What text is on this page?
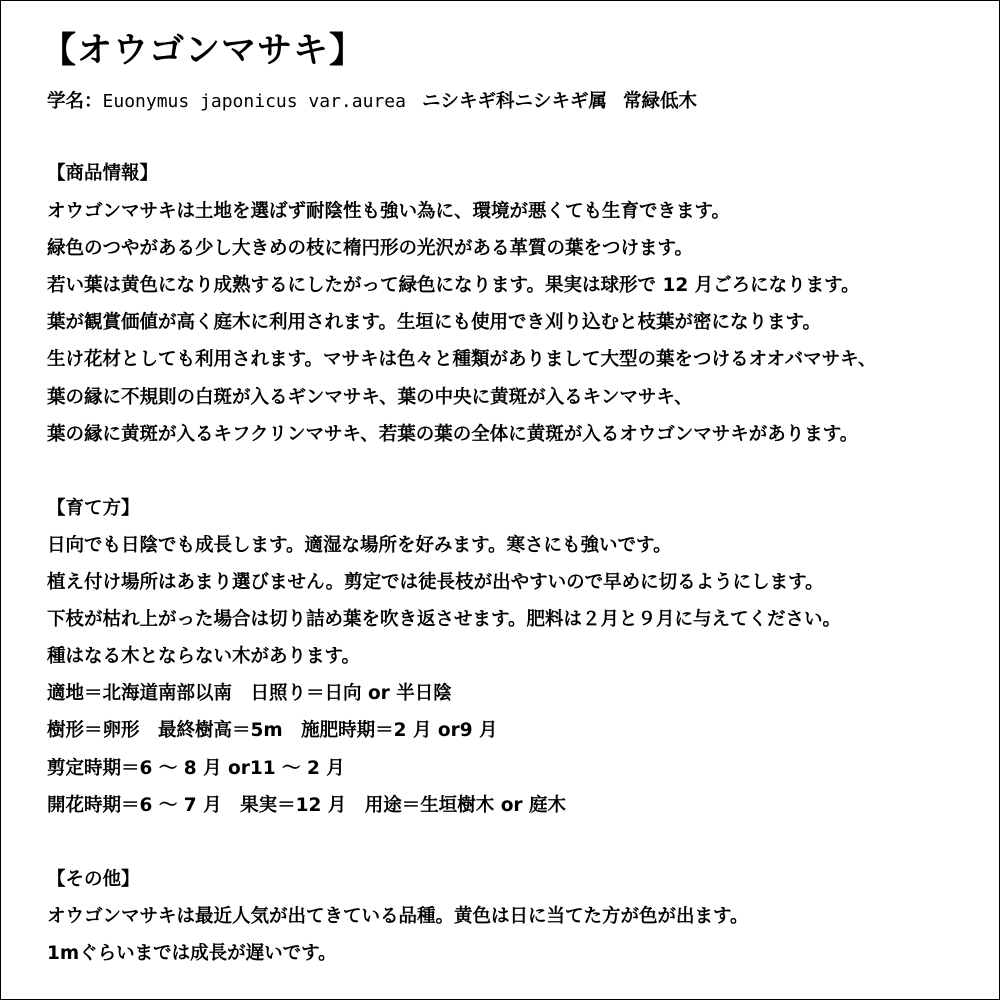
【オウゴンマサキ】
学名：Euonymus japonicus var.aurea ニシキギ科ニシキギ属 常緑低木
【商品情報】
オウゴンマサキは土地を選ばず耐陰性も強い為に、環境が悪くても生育できます。
緑色のつやがある少し大きめの枝に楕円形の光沢がある革質の葉をつけます。
若い葉は黄色になり成熟するにしたがって緑色になります。果実は球形で 12 月ごろになります。
葉が観賞価値が高く庭木に利用されます。生垣にも使用でき刈り込むと枝葉が密になります。
生け花材としても利用されます。マサキは色々と種類がありまして大型の葉をつけるオオバマサキ、
葉の縁に不規則の白斑が入るギンマサキ、葉の中央に黄斑が入るキンマサキ、
葉の縁に黄斑が入るキフクリンマサキ、若葉の葉の全体に黄斑が入るオウゴンマサキがあります。
【育て方】
日向でも日陰でも成長します。適湿な場所を好みます。寒さにも強いです。
植え付け場所はあまり選びません。剪定では徒長枝が出やすいので早めに切るようにします。
下枝が枯れ上がった場合は切り詰め葉を吹き返させます。肥料は２月と９月に与えてください。
種はなる木とならない木があります。
適地＝北海道南部以南　日照り＝日向 or 半日陰
樹形＝卵形　最終樹高＝5m　施肥時期＝2 月 or9 月
剪定時期＝6 ～ 8 月 or11 ～ 2 月
開花時期＝6 ～ 7 月　果実＝12 月　用途＝生垣樹木 or 庭木
【その他】
オウゴンマサキは最近人気が出てきている品種。黄色は日に当てた方が色が出ます。
1mぐらいまでは成長が遅いです。
